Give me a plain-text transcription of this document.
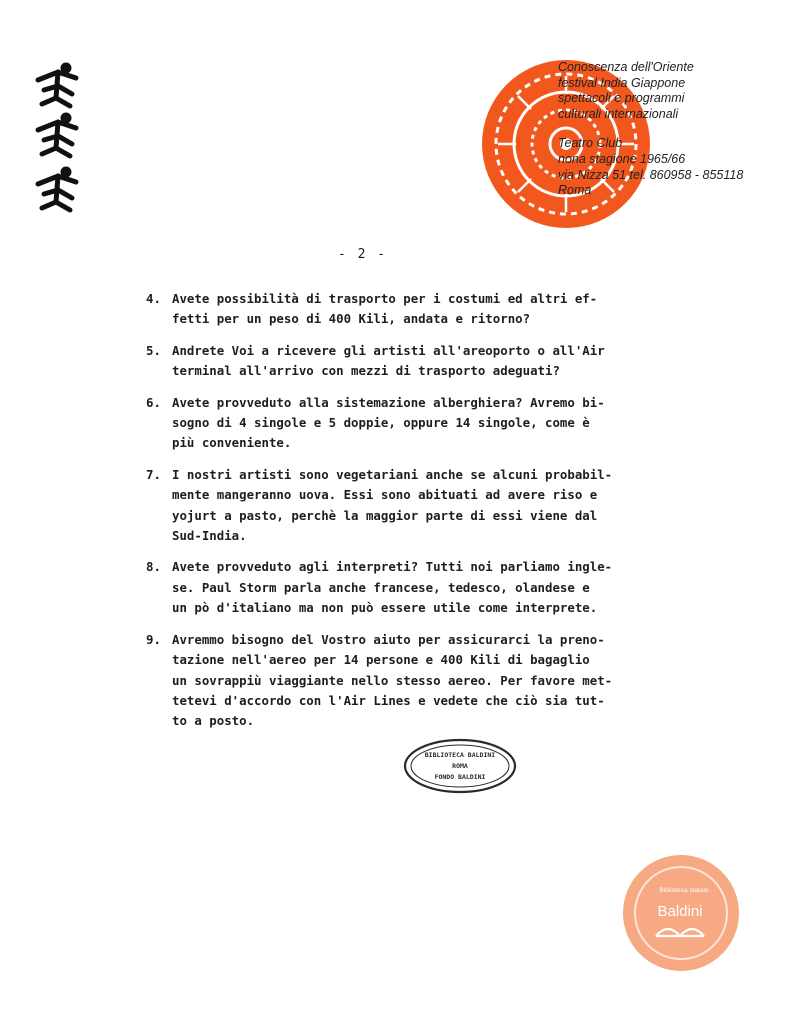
Conoscenza dell'Oriente
festival India Giappone
spettacoli e programmi
culturali internazionali
Teatro Club
nona stagione 1965/66
via Nizza 51 tel. 860958 - 855118
Roma
- 2 -
4. Avete possibilità di trasporto per i costumi ed altri ef-
fetti per un peso di 400 Kili, andata e ritorno?
5. Andrete Voi a ricevere gli artisti all'areoporto o all'Air
terminal all'arrivo con mezzi di trasporto adeguati?
6. Avete provveduto alla sistemazione alberghiera? Avremo bi-
sogno di 4 singole e 5 doppie, oppure 14 singole, come è
più conveniente.
7. I nostri artisti sono vegetariani anche se alcuni probabil-
mente mangeranno uova. Essi sono abituati ad avere riso e
yojurt a pasto, perchè la maggior parte di essi viene dal
Sud-India.
8. Avete provveduto agli interpreti? Tutti noi parliamo ingle-
se. Paul Storm parla anche francese, tedesco, olandese e
un pò d'italiano ma non può essere utile come interprete.
9. Avremmo bisogno del Vostro aiuto per assicurarci la preno-
tazione nell'aereo per 14 persone e 400 Kili di bagaglio
un sovrappiù viaggiante nello stesso aereo. Per favore met-
tetevi d'accordo con l'Air Lines e vedete che ciò sia tut-
to a posto.
BIBLIOTECA BALDINI
ROMA
FONDO BALDINI
Biblioteca statale
Baldini
